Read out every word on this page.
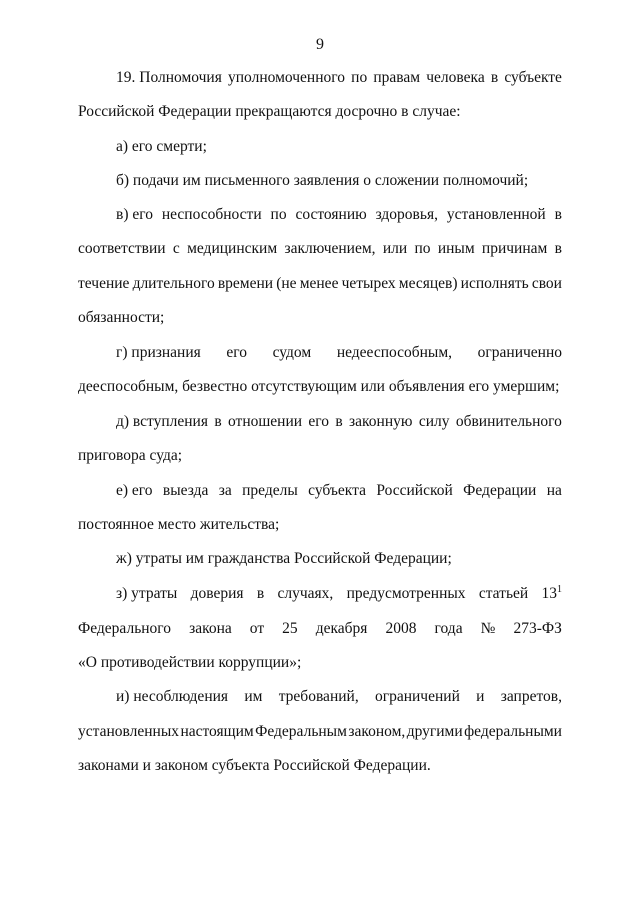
9
19. Полномочия уполномоченного по правам человека в субъекте
Российской Федерации прекращаются досрочно в случае:
а) его смерти;
б) подачи им письменного заявления о сложении полномочий;
в) его неспособности по состоянию здоровья, установленной в
соответствии с медицинским заключением, или по иным причинам в
течение длительного времени (не менее четырех месяцев) исполнять свои
обязанности;
г) признания его судом недееспособным, ограниченно
дееспособным, безвестно отсутствующим или объявления его умершим;
д) вступления в отношении его в законную силу обвинительного
приговора суда;
е) его выезда за пределы субъекта Российской Федерации на
постоянное место жительства;
ж) утраты им гражданства Российской Федерации;
з) утраты доверия в случаях, предусмотренных статьей $13^1$
Федерального закона от 25 декабря 2008 года № 273-ФЗ
«О противодействии коррупции»;
и) несоблюдения им требований, ограничений и запретов,
установленных настоящим Федеральным законом, другими федеральными
законами и законом субъекта Российской Федерации.
